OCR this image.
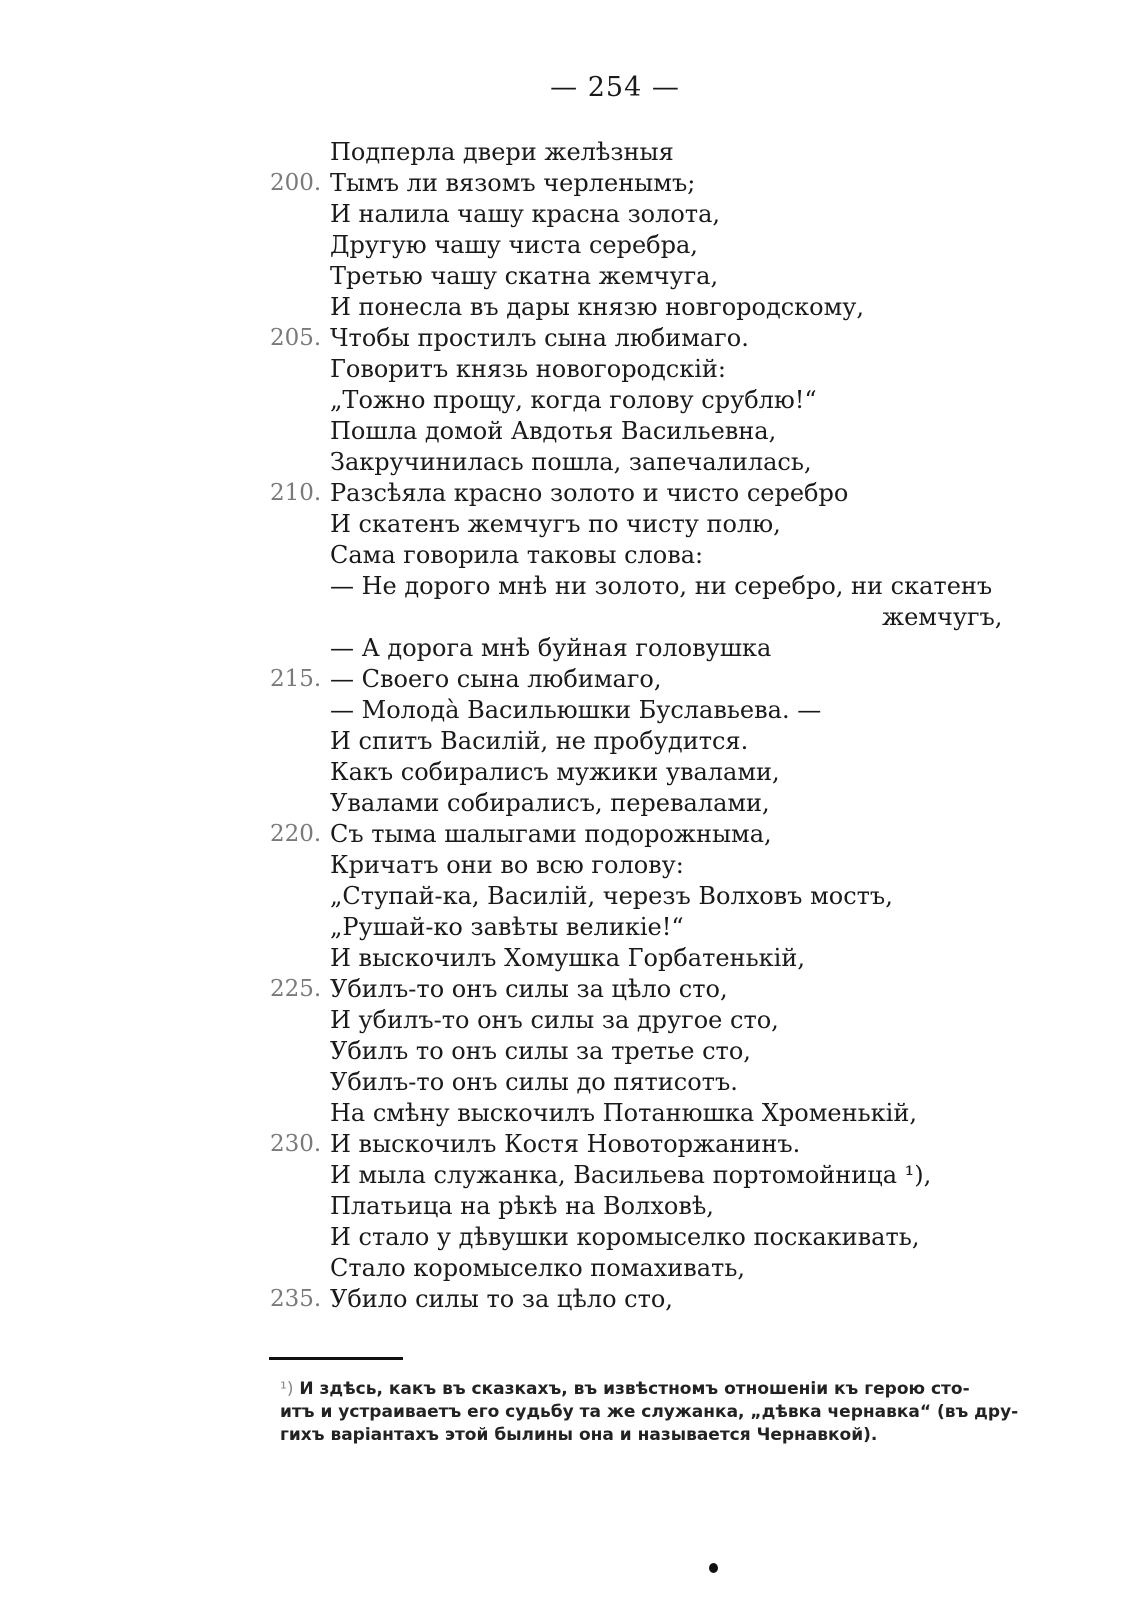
— 254 —
Подперла двери желѣзныя
200. Тымъ ли вязомъ черленымъ;
И налила чашу красна золота,
Другую чашу чиста серебра,
Третью чашу скатна жемчуга,
И понесла въ дары князю новгородскому,
205. Чтобы простилъ сына любимаго.
Говоритъ князь новогородскій:
„Тожно прощу, когда голову срублю!“
Пошла домой Авдотья Васильевна,
Закручинилась пошла, запечалилась,
210. Разсѣяла красно золото и чисто серебро
И скатенъ жемчугъ по чисту полю,
Сама говорила таковы слова:
— Не дорого мнѣ ни золото, ни серебро, ни скатенъ
жемчугъ,
— А дорога мнѣ буйная головушка
215. — Своего сына любимаго,
— Молодà Васильюшки Буславьева. —
И спитъ Василій, не пробудится.
Какъ собиралисъ мужики увалами,
Увалами собиралисъ, перевалами,
220. Съ тыма шалыгами подорожныма,
Кричатъ они во всю голову:
„Ступай-ка, Василій, черезъ Волховъ мостъ,
„Рушай-ко завѣты великіе!“
И выскочилъ Хомушка Горбатенькій,
225. Убилъ-то онъ силы за цѣло сто,
И убилъ-то онъ силы за другое сто,
Убилъ то онъ силы за третье сто,
Убилъ-то онъ силы до пятисотъ.
На смѣну выскочилъ Потанюшка Хроменькій,
230. И выскочилъ Костя Новоторжанинъ.
И мыла служанка, Васильева портомойница ¹),
Платьица на рѣкѣ на Волховѣ,
И стало у дѣвушки коромыселко поскакивать,
Стало коромыселко помахивать,
235. Убило силы то за цѣло сто,
¹) И здѣсь, какъ въ сказкахъ, въ извѣстномъ отношеніи къ герою сто-
итъ и устраиваетъ его судьбу та же служанка, „дѣвка чернавка“ (въ дру-
гихъ варіантахъ этой былины она и называется Чернавкой).
